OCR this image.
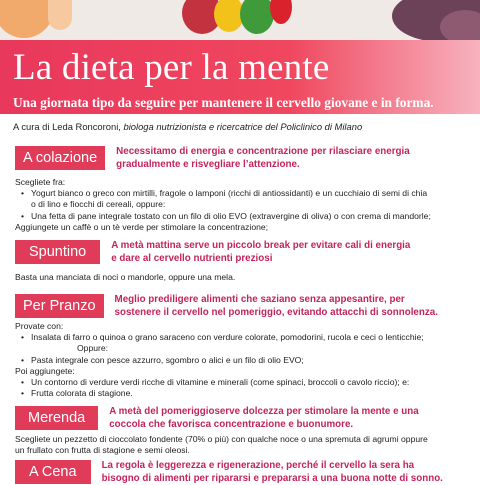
La dieta per la mente

Una giornata tipo da seguire per mantenere il cervello giovane e in forma.

A cura di Leda Roncoroni, biologa nutrizionista e ricercatrice del Policlinico di Milano
A colazione	Necessitamo di energia e concentrazione per rilasciare energia
gradualmente e risvegliare l’attenzione.

Scegliete fra:

• Yogurt bianco o greco con mirtilli, fragole o lamponi (ricchi di antiossidanti) e un cucchiaio di semi di chia
o di lino e fiocchi di cereali, oppure:
• Una fetta di pane integrale tostato con un filo di olio EVO (extravergine di oliva) o con crema di mandorle;

Aggiungete un caffè o un tè verde per stimolare la concentrazione;

Spuntino	A metà mattina serve un piccolo break per evitare cali di energia
e dare al cervello nutrienti preziosi

Basta una manciata di noci o mandorle, oppure una mela.

Per Pranzo	Meglio prediligere alimenti che saziano senza appesantire, per
sostenere il cervello nel pomeriggio, evitando attacchi di sonnolenza.

Provate con:

• Insalata di farro o quinoa o grano saraceno con verdure colorate, pomodorini, rucola e ceci o lenticchie;
Oppure:
• Pasta integrale con pesce azzurro, sgombro o alici e un filo di olio EVO;

Poi aggiungete:

• Un contorno di verdure verdi ricche di vitamine e minerali (come spinaci, broccoli o cavolo riccio); e:
• Frutta colorata di stagione.
Merenda	A metà del pomeriggioserve dolcezza per stimolare la mente e una
coccola che favorisca concentrazione e buonumore.

Scegliete un pezzetto di cioccolato fondente (70% o più) con qualche noce o una spremuta di agrumi oppure

un frullato con frutta di stagione e semi oleosi.

A Cena	La regola è leggerezza e rigenerazione, perché il cervello la sera ha
bisogno di alimenti per ripararsi e prepararsi a una buona notte di sonno.
